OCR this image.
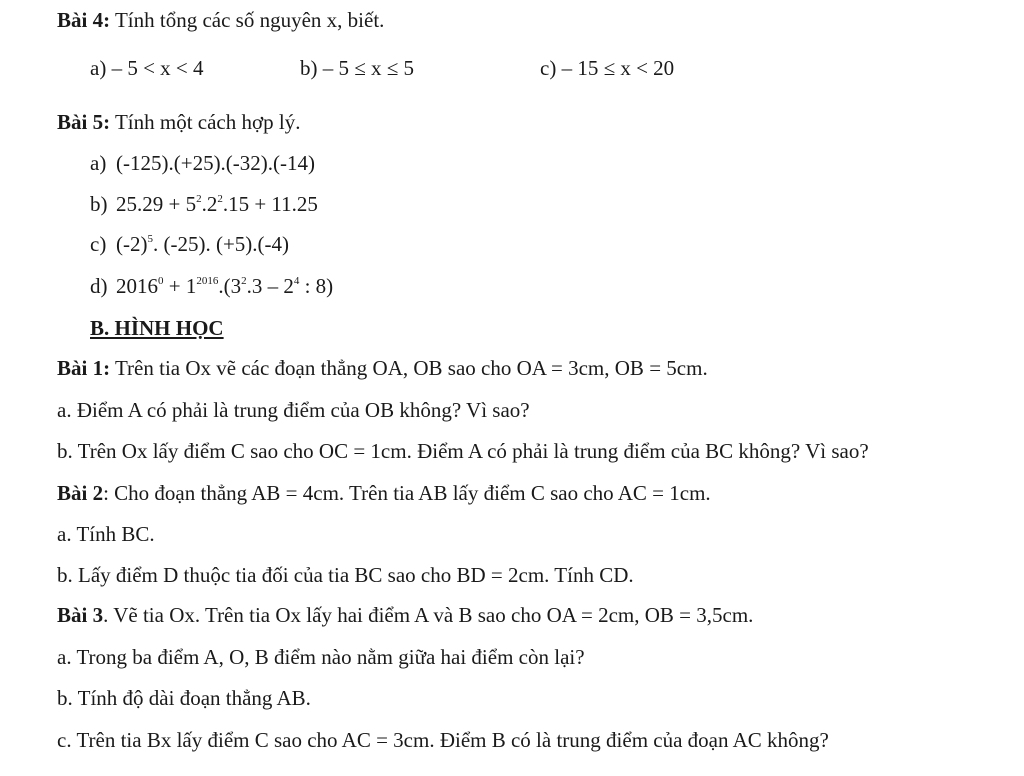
Bài 4: Tính tổng các số nguyên x, biết.
a) – 5 < x < 4	b) – 5 ≤ x ≤ 5	c) – 15 ≤ x < 20
Bài 5: Tính một cách hợp lý.
a) (-125).(+25).(-32).(-14)
b) $25.29 + 5^2.2^2.15 + 11.25$
c) $(-2)^5$. (-25). (+5).(-4)
d) $2016^0 + 1^{2016}.(3^2.3 - 2^4$ : 8)
B. HÌNH HỌC
Bài 1: Trên tia Ox vẽ các đoạn thẳng OA, OB sao cho OA = 3cm, OB = 5cm.
a. Điểm A có phải là trung điểm của OB không? Vì sao?
b. Trên Ox lấy điểm C sao cho OC = 1cm. Điểm A có phải là trung điểm của BC không? Vì sao?
Bài 2: Cho đoạn thẳng AB = 4cm. Trên tia AB lấy điểm C sao cho AC = 1cm.
a. Tính BC.
b. Lấy điểm D thuộc tia đối của tia BC sao cho BD = 2cm. Tính CD.
Bài 3. Vẽ tia Ox. Trên tia Ox lấy hai điểm A và B sao cho OA = 2cm, OB = 3,5cm.
a. Trong ba điểm A, O, B điểm nào nằm giữa hai điểm còn lại?
b. Tính độ dài đoạn thẳng AB.
c. Trên tia Bx lấy điểm C sao cho AC = 3cm. Điểm B có là trung điểm của đoạn AC không?
